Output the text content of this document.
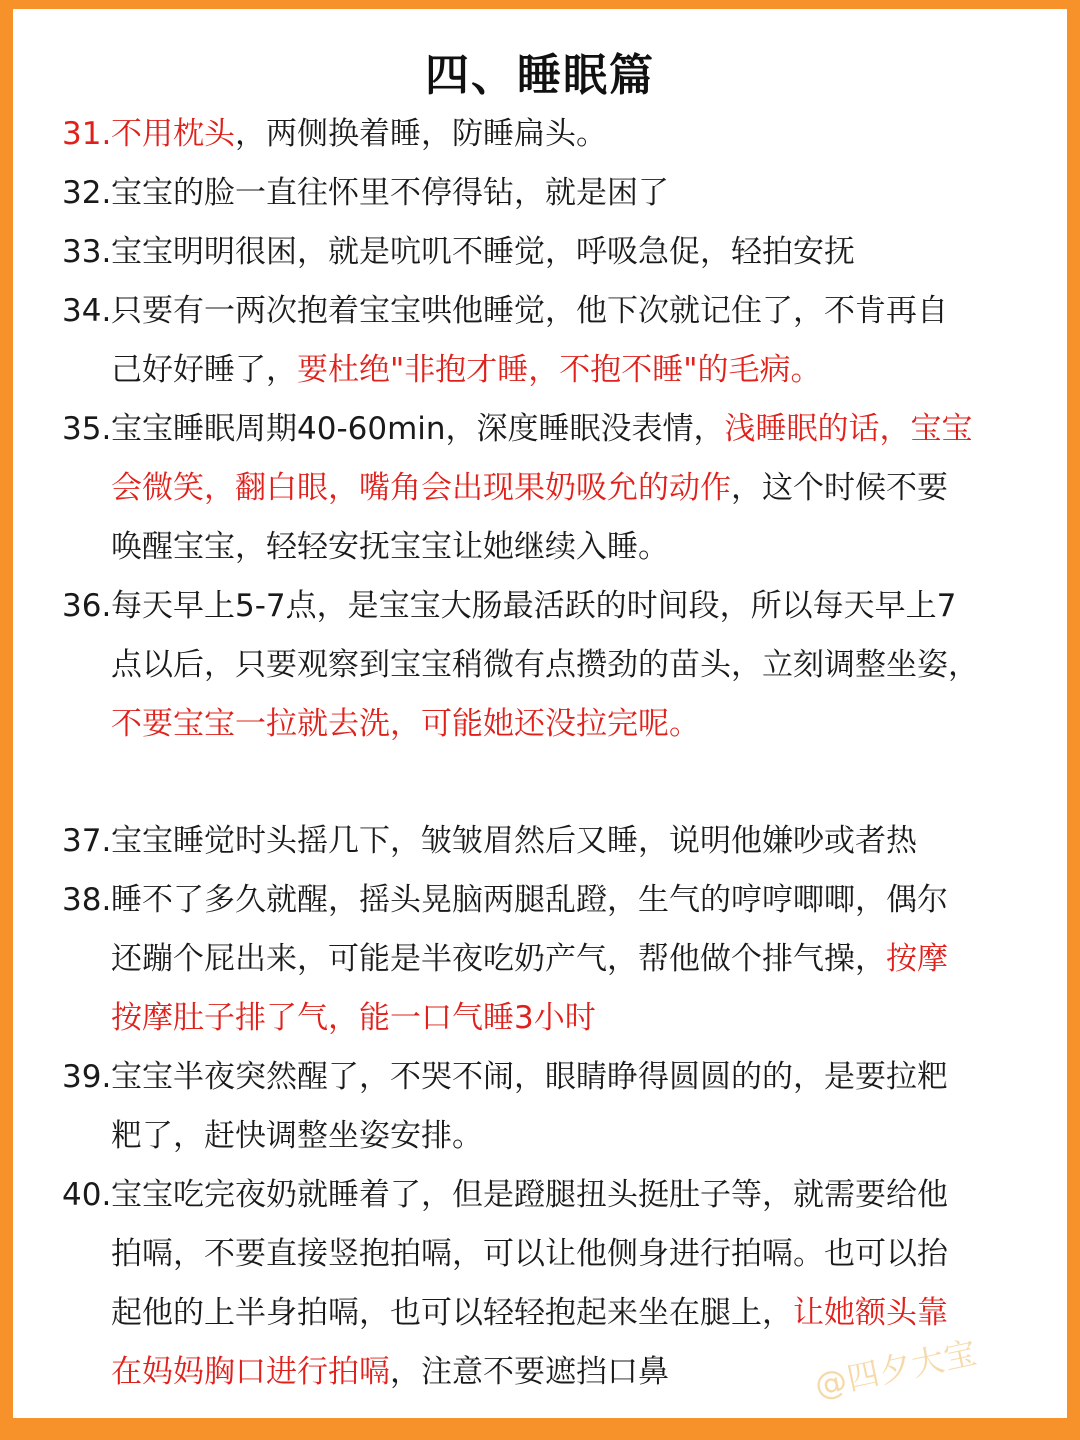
四、睡眠篇
31.不用枕头，两侧换着睡，防睡扁头。
32.宝宝的脸一直往怀里不停得钻，就是困了
33.宝宝明明很困，就是吭叽不睡觉，呼吸急促，轻拍安抚
34.只要有一两次抱着宝宝哄他睡觉，他下次就记住了，不肯再自
己好好睡了，要杜绝"非抱才睡，不抱不睡"的毛病。
35.宝宝睡眠周期40-60min，深度睡眠没表情，浅睡眠的话，宝宝
会微笑，翻白眼，嘴角会出现果奶吸允的动作，这个时候不要
唤醒宝宝，轻轻安抚宝宝让她继续入睡。
36.每天早上5-7点，是宝宝大肠最活跃的时间段，所以每天早上7
点以后，只要观察到宝宝稍微有点攒劲的苗头，立刻调整坐姿，
不要宝宝一拉就去洗，可能她还没拉完呢。
37.宝宝睡觉时头摇几下，皱皱眉然后又睡，说明他嫌吵或者热
38.睡不了多久就醒，摇头晃脑两腿乱蹬，生气的哼哼唧唧，偶尔
还蹦个屁出来，可能是半夜吃奶产气，帮他做个排气操，按摩
按摩肚子排了气，能一口气睡3小时
39.宝宝半夜突然醒了，不哭不闹，眼睛睁得圆圆的的，是要拉粑
粑了，赶快调整坐姿安排。
40.宝宝吃完夜奶就睡着了，但是蹬腿扭头挺肚子等，就需要给他
拍嗝，不要直接竖抱拍嗝，可以让他侧身进行拍嗝。也可以抬
起他的上半身拍嗝，也可以轻轻抱起来坐在腿上，让她额头靠
在妈妈胸口进行拍嗝，注意不要遮挡口鼻	@四夕大宝
